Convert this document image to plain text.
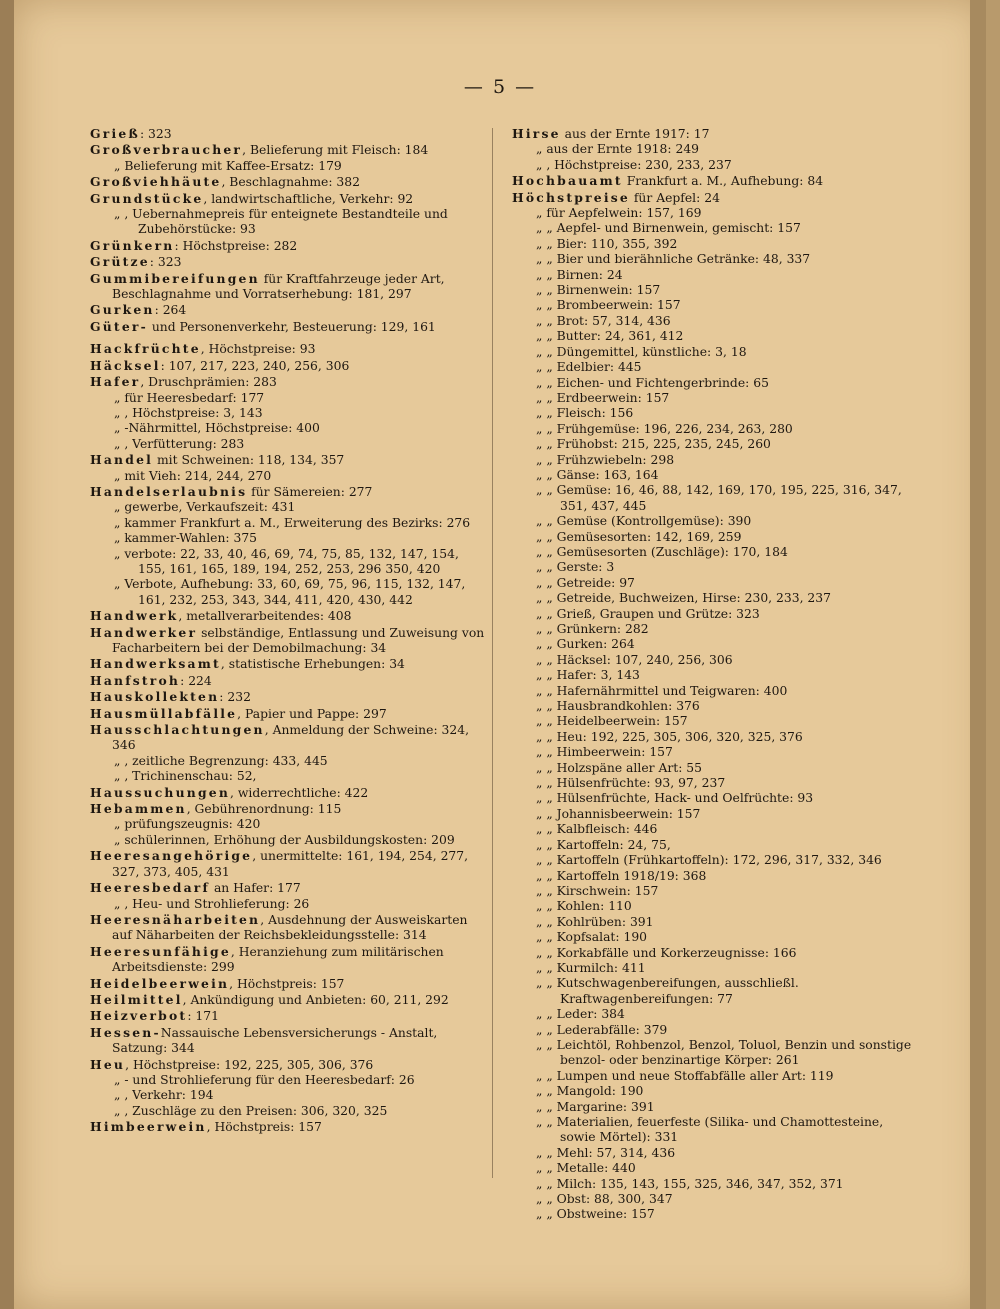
— 5 —

Grieß: 323

Großverbraucher, Belieferung mit Fleisch: 184

„ Belieferung mit Kaffee-Ersatz: 179

Großviehhäute, Beschlagnahme: 382

Grundstücke, landwirtschaftliche, Verkehr: 92

„ , Uebernahmepreis für enteignete Bestandteile und Zubehörstücke: 93

Grünkern: Höchstpreise: 282

Grütze: 323

Gummibereifungen für Kraftfahrzeuge jeder Art, Beschlagnahme und Vorratserhebung: 181, 297

Gurken: 264

Güter- und Personenverkehr, Besteuerung: 129, 161

Hackfrüchte, Höchstpreise: 93

Häcksel: 107, 217, 223, 240, 256, 306

Hafer, Druschprämien: 283

„ für Heeresbedarf: 177

„ , Höchstpreise: 3, 143

„ -Nährmittel, Höchstpreise: 400

„ , Verfütterung: 283

Handel mit Schweinen: 118, 134, 357

„ mit Vieh: 214, 244, 270

Handelserlaubnis für Sämereien: 277

„ gewerbe, Verkaufszeit: 431

„ kammer Frankfurt a. M., Erweiterung des Bezirks: 276

„ kammer-Wahlen: 375

„ verbote: 22, 33, 40, 46, 69, 74, 75, 85, 132, 147, 154, 155, 161, 165, 189, 194, 252, 253, 296 350, 420

„ Verbote, Aufhebung: 33, 60, 69, 75, 96, 115, 132, 147, 161, 232, 253, 343, 344, 411, 420, 430, 442

Handwerk, metallverarbeitendes: 408

Handwerker selbständige, Entlassung und Zuweisung von Facharbeitern bei der Demobilmachung: 34

Handwerksamt, statistische Erhebungen: 34

Hanfstroh: 224

Hauskollekten: 232

Hausmüllabfälle, Papier und Pappe: 297

Hausschlachtungen, Anmeldung der Schweine: 324, 346

„ , zeitliche Begrenzung: 433, 445

„ , Trichinenschau: 52,

Haussuchungen, widerrechtliche: 422

Hebammen, Gebührenordnung: 115

„ prüfungszeugnis: 420

„ schülerinnen, Erhöhung der Ausbildungskosten: 209

Heeresangehörige, unermittelte: 161, 194, 254, 277, 327, 373, 405, 431

Heeresbedarf an Hafer: 177

„ , Heu- und Strohlieferung: 26

Heeresnäharbeiten, Ausdehnung der Ausweiskarten auf Näharbeiten der Reichsbekleidungsstelle: 314

Heeresunfähige, Heranziehung zum militärischen Arbeitsdienste: 299

Heidelbeerwein, Höchstpreis: 157

Heilmittel, Ankündigung und Anbieten: 60, 211, 292

Heizverbot: 171

Hessen-Nassauische Lebensversicherungs - Anstalt, Satzung: 344

Heu, Höchstpreise: 192, 225, 305, 306, 376

„ - und Strohlieferung für den Heeresbedarf: 26

„ , Verkehr: 194

„ , Zuschläge zu den Preisen: 306, 320, 325

Himbeerwein, Höchstpreis: 157

Hirse aus der Ernte 1917: 17

„ aus der Ernte 1918: 249

„ , Höchstpreise: 230, 233, 237

Hochbauamt Frankfurt a. M., Aufhebung: 84

Höchstpreise für Aepfel: 24

„ für Aepfelwein: 157, 169

„ „ Aepfel- und Birnenwein, gemischt: 157

„ „ Bier: 110, 355, 392

„ „ Bier und bierähnliche Getränke: 48, 337

„ „ Birnen: 24

„ „ Birnenwein: 157

„ „ Brombeerwein: 157

„ „ Brot: 57, 314, 436

„ „ Butter: 24, 361, 412

„ „ Düngemittel, künstliche: 3, 18

„ „ Edelbier: 445

„ „ Eichen- und Fichtengerbrinde: 65

„ „ Erdbeerwein: 157

„ „ Fleisch: 156

„ „ Frühgemüse: 196, 226, 234, 263, 280

„ „ Frühobst: 215, 225, 235, 245, 260

„ „ Frühzwiebeln: 298

„ „ Gänse: 163, 164

„ „ Gemüse: 16, 46, 88, 142, 169, 170, 195, 225, 316, 347, 351, 437, 445

„ „ Gemüse (Kontrollgemüse): 390

„ „ Gemüsesorten: 142, 169, 259

„ „ Gemüsesorten (Zuschläge): 170, 184

„ „ Gerste: 3

„ „ Getreide: 97

„ „ Getreide, Buchweizen, Hirse: 230, 233, 237

„ „ Grieß, Graupen und Grütze: 323

„ „ Grünkern: 282

„ „ Gurken: 264

„ „ Häcksel: 107, 240, 256, 306

„ „ Hafer: 3, 143

„ „ Hafernährmittel und Teigwaren: 400

„ „ Hausbrandkohlen: 376

„ „ Heidelbeerwein: 157

„ „ Heu: 192, 225, 305, 306, 320, 325, 376

„ „ Himbeerwein: 157

„ „ Holzspäne aller Art: 55

„ „ Hülsenfrüchte: 93, 97, 237

„ „ Hülsenfrüchte, Hack- und Oelfrüchte: 93

„ „ Johannisbeerwein: 157

„ „ Kalbfleisch: 446

„ „ Kartoffeln: 24, 75,

„ „ Kartoffeln (Frühkartoffeln): 172, 296, 317, 332, 346

„ „ Kartoffeln 1918/19: 368

„ „ Kirschwein: 157

„ „ Kohlen: 110

„ „ Kohlrüben: 391

„ „ Kopfsalat: 190

„ „ Korkabfälle und Korkerzeugnisse: 166

„ „ Kurmilch: 411

„ „ Kutschwagenbereifungen, ausschließl. Kraftwagenbereifungen: 77

„ „ Leder: 384

„ „ Lederabfälle: 379

„ „ Leichtöl, Rohbenzol, Benzol, Toluol, Benzin und sonstige benzol- oder benzinartige Körper: 261

„ „ Lumpen und neue Stoffabfälle aller Art: 119

„ „ Mangold: 190

„ „ Margarine: 391

„ „ Materialien, feuerfeste (Silika- und Chamottesteine, sowie Mörtel): 331

„ „ Mehl: 57, 314, 436

„ „ Metalle: 440

„ „ Milch: 135, 143, 155, 325, 346, 347, 352, 371

„ „ Obst: 88, 300, 347

„ „ Obstweine: 157
